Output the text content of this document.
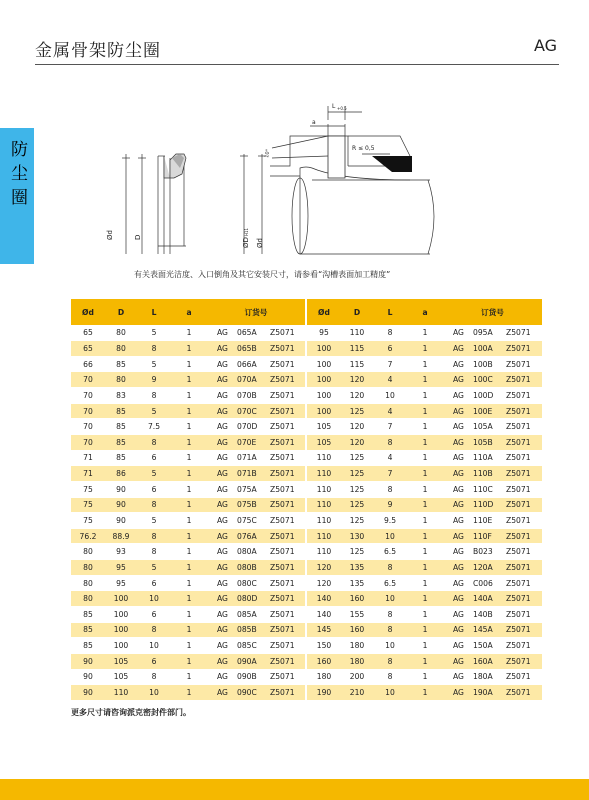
金属骨架防尘圈	AG
防尘圈
Ød	D
a
L +0.5
R ≤ 0,5
10°
ØD
H11
Ød
有关表面光洁度、入口倒角及其它安装尺寸，请参看“沟槽表面加工精度”
Ød	D	L	a	订货号
65	80	5	1	AG 065A Z5071
65	80	8	1	AG 065B Z5071
66	85	5	1	AG 066A Z5071
70	80	9	1	AG 070A Z5071
70	83	8	1	AG 070B Z5071
70	85	5	1	AG 070C Z5071
70	85	7.5	1	AG 070D Z5071
70	85	8	1	AG 070E Z5071
71	85	6	1	AG 071A Z5071
71	86	5	1	AG 071B Z5071
75	90	6	1	AG 075A Z5071
75	90	8	1	AG 075B Z5071
75	90	5	1	AG 075C Z5071
76.2	88.9	8	1	AG 076A Z5071
80	93	8	1	AG 080A Z5071
80	95	5	1	AG 080B Z5071
80	95	6	1	AG 080C Z5071
80	100	10	1	AG 080D Z5071
85	100	6	1	AG 085A Z5071
85	100	8	1	AG 085B Z5071
85	100	10	1	AG 085C Z5071
90	105	6	1	AG 090A Z5071
90	105	8	1	AG 090B Z5071
90	110	10	1	AG 090C Z5071
Ød	D	L	a	订货号
95	110	8	1	AG 095A Z5071
100	115	6	1	AG 100A Z5071
100	115	7	1	AG 100B Z5071
100	120	4	1	AG 100C Z5071
100	120	10	1	AG 100D Z5071
100	125	4	1	AG 100E Z5071
105	120	7	1	AG 105A Z5071
105	120	8	1	AG 105B Z5071
110	125	4	1	AG 110A Z5071
110	125	7	1	AG 110B Z5071
110	125	8	1	AG 110C Z5071
110	125	9	1	AG 110D Z5071
110	125	9.5	1	AG 110E Z5071
110	130	10	1	AG 110F Z5071
110	125	6.5	1	AG B023 Z5071
120	135	8	1	AG 120A Z5071
120	135	6.5	1	AG C006 Z5071
140	160	10	1	AG 140A Z5071
140	155	8	1	AG 140B Z5071
145	160	8	1	AG 145A Z5071
150	180	10	1	AG 150A Z5071
160	180	8	1	AG 160A Z5071
180	200	8	1	AG 180A Z5071
190	210	10	1	AG 190A Z5071
更多尺寸请咨询派克密封件部门。
